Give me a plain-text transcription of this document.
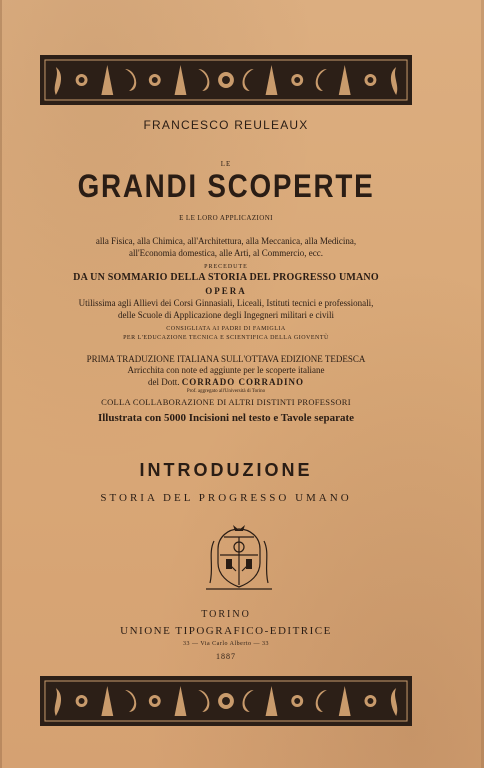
FRANCESCO REULEAUX
LE
GRANDI SCOPERTE
E LE LORO APPLICAZIONI
alla Fisica, alla Chimica, all'Architettura, alla Meccanica, alla Medicina,
all'Economia domestica, alle Arti, al Commercio, ecc.
PRECEDUTE
DA UN SOMMARIO DELLA STORIA DEL PROGRESSO UMANO
OPERA
Utilissima agli Allievi dei Corsi Ginnasiali, Liceali, Istituti tecnici e professionali,
delle Scuole di Applicazione degli Ingegneri militari e civili
CONSIGLIATA AI PADRI DI FAMIGLIA
PER L'EDUCAZIONE TECNICA E SCIENTIFICA DELLA GIOVENTÙ
PRIMA TRADUZIONE ITALIANA SULL'OTTAVA EDIZIONE TEDESCA
Arricchita con note ed aggiunte per le scoperte italiane
del Dott. CORRADO CORRADINO
Prof. aggregato all'Università di Torino
COLLA COLLABORAZIONE DI ALTRI DISTINTI PROFESSORI
Illustrata con 5000 Incisioni nel testo e Tavole separate
INTRODUZIONE
STORIA DEL PROGRESSO UMANO
TORINO
UNIONE TIPOGRAFICO-EDITRICE
33 — Via Carlo Alberto — 33
1887
